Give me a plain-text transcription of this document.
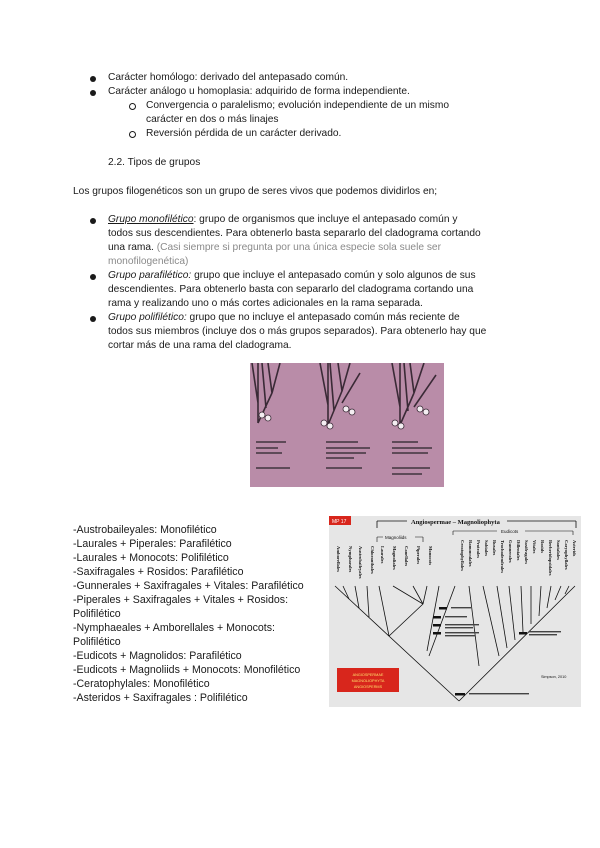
Carácter homólogo: derivado del antepasado común.
Carácter análogo u homoplasia: adquirido de forma independiente.
Convergencia o paralelismo; evolución independiente de un mismo
carácter en dos o más linajes
Reversión pérdida de un carácter derivado.
2.2. Tipos de grupos
Los grupos filogenéticos son un grupo de seres vivos que podemos dividirlos en;
Grupo monofilético: grupo de organismos que incluye el antepasado común y
todos sus descendientes. Para obtenerlo basta separarlo del cladograma cortando
una rama. (Casi siempre si pregunta por una única especie sola suele ser
monofilogenética)
Grupo parafilético: grupo que incluye el antepasado común y solo algunos de sus
descendientes. Para obtenerlo basta con separarlo del cladograma cortando una
rama y realizando uno o más cortes adicionales en la rama separada.
Grupo polifilético: grupo que no incluye el antepasado común más reciente de
todos sus miembros (incluye dos o más grupos separados). Para obtenerlo hay que
cortar más de una rama del cladograma.
-Austrobaileyales: Monofilético
-Laurales + Piperales: Parafilético
-Laurales + Monocots: Polifilético
-Saxifragales + Rosidos: Parafilético
-Gunnerales + Saxifragales + Vitales: Parafilético
-Piperales + Saxifragales + Vitales + Rosidos:
Polifilético
-Nymphaeales + Amborellales + Monocots:
Polifilético
-Eudicots + Magnolidos: Parafilético
-Eudicots + Magnoliids + Monocots: Monofilético
-Ceratophylales: Monofilético
-Asteridos + Saxifragales : Polifilético
MP 17	Angiospermae – Magnoliophyta
Magnoliids
Eudicots
Amborellales Nymphaeales Austrobaileyales Chloranthales Laurales Magnoliales Canellales Piperales Monocots	Ceratophyllales Ranunculales Proteales Sabiales Buxales Trochodendrales Gunnerales Dilleniales Saxifragales Vitales Rosids Berberidopsidales Santalales Caryophyllales Asterids
ANGIOSPERMAE
MAGNOLIOPHYTA
ANGIOSPERMS
Simpson, 2010
